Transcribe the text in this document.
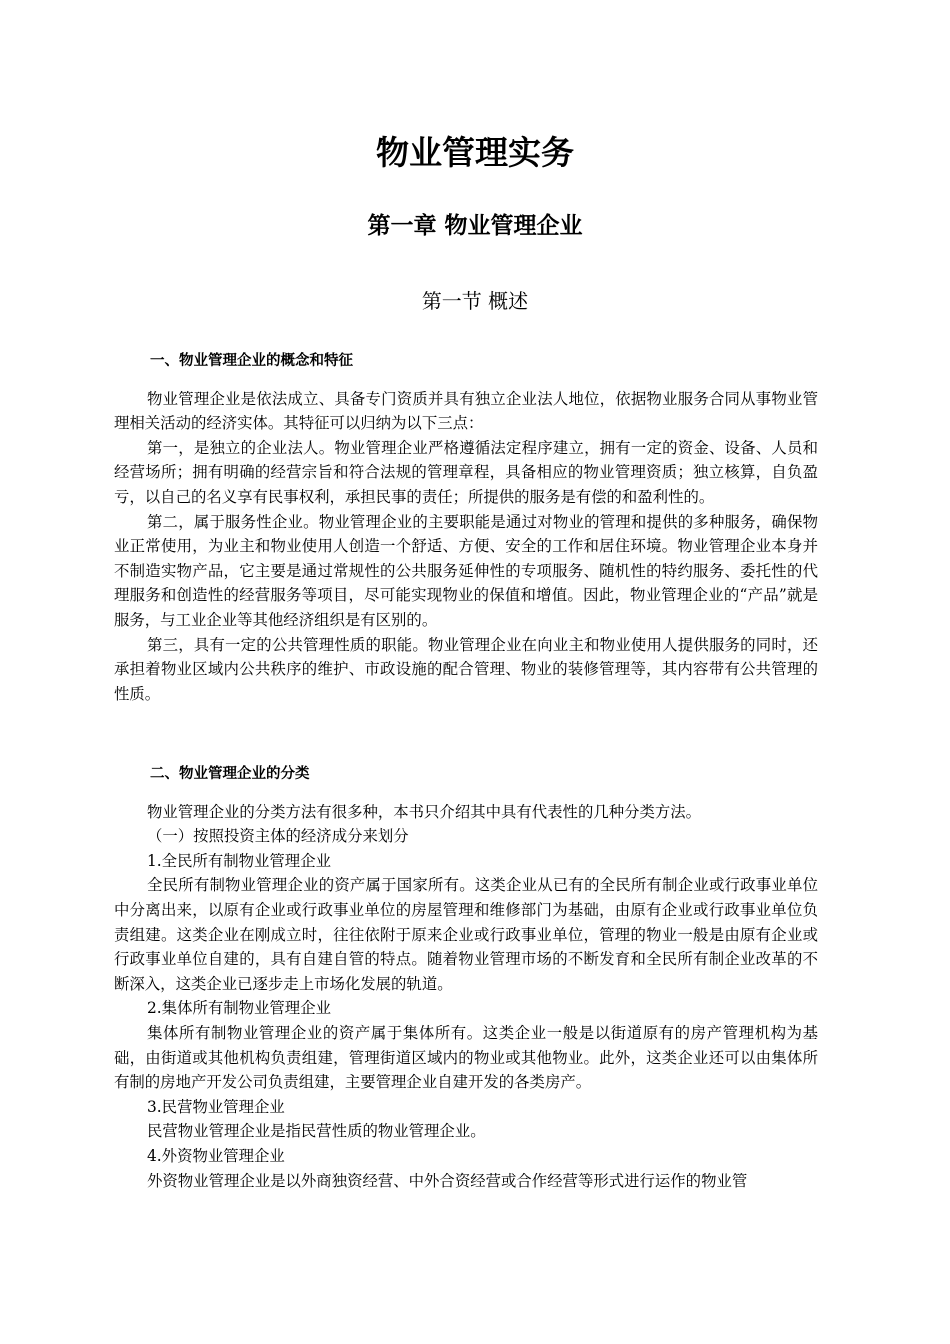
物业管理实务
第一章 物业管理企业
第一节 概述

一、物业管理企业的概念和特征

物业管理企业是依法成立、具备专门资质并具有独立企业法人地位，依据物业服务合同从事物业管理相关活动的经济实体。其特征可以归纳为以下三点：

第一，是独立的企业法人。物业管理企业严格遵循法定程序建立，拥有一定的资金、设备、人员和经营场所；拥有明确的经营宗旨和符合法规的管理章程，具备相应的物业管理资质；独立核算，自负盈亏，以自己的名义享有民事权利，承担民事的责任；所提供的服务是有偿的和盈利性的。

第二，属于服务性企业。物业管理企业的主要职能是通过对物业的管理和提供的多种服务，确保物业正常使用，为业主和物业使用人创造一个舒适、方便、安全的工作和居住环境。物业管理企业本身并不制造实物产品，它主要是通过常规性的公共服务延伸性的专项服务、随机性的特约服务、委托性的代理服务和创造性的经营服务等项目，尽可能实现物业的保值和增值。因此，物业管理企业的“产品”就是服务，与工业企业等其他经济组织是有区别的。

第三，具有一定的公共管理性质的职能。物业管理企业在向业主和物业使用人提供服务的同时，还承担着物业区域内公共秩序的维护、市政设施的配合管理、物业的装修管理等，其内容带有公共管理的性质。

二、物业管理企业的分类

物业管理企业的分类方法有很多种，本书只介绍其中具有代表性的几种分类方法。

（一）按照投资主体的经济成分来划分

1.全民所有制物业管理企业

全民所有制物业管理企业的资产属于国家所有。这类企业从已有的全民所有制企业或行政事业单位中分离出来，以原有企业或行政事业单位的房屋管理和维修部门为基础，由原有企业或行政事业单位负责组建。这类企业在刚成立时，往往依附于原来企业或行政事业单位，管理的物业一般是由原有企业或行政事业单位自建的，具有自建自管的特点。随着物业管理市场的不断发育和全民所有制企业改革的不断深入，这类企业已逐步走上市场化发展的轨道。

2.集体所有制物业管理企业

集体所有制物业管理企业的资产属于集体所有。这类企业一般是以街道原有的房产管理机构为基础，由街道或其他机构负责组建，管理街道区域内的物业或其他物业。此外，这类企业还可以由集体所有制的房地产开发公司负责组建，主要管理企业自建开发的各类房产。

3.民营物业管理企业

民营物业管理企业是指民营性质的物业管理企业。

4.外资物业管理企业

外资物业管理企业是以外商独资经营、中外合资经营或合作经营等形式进行运作的物业管
